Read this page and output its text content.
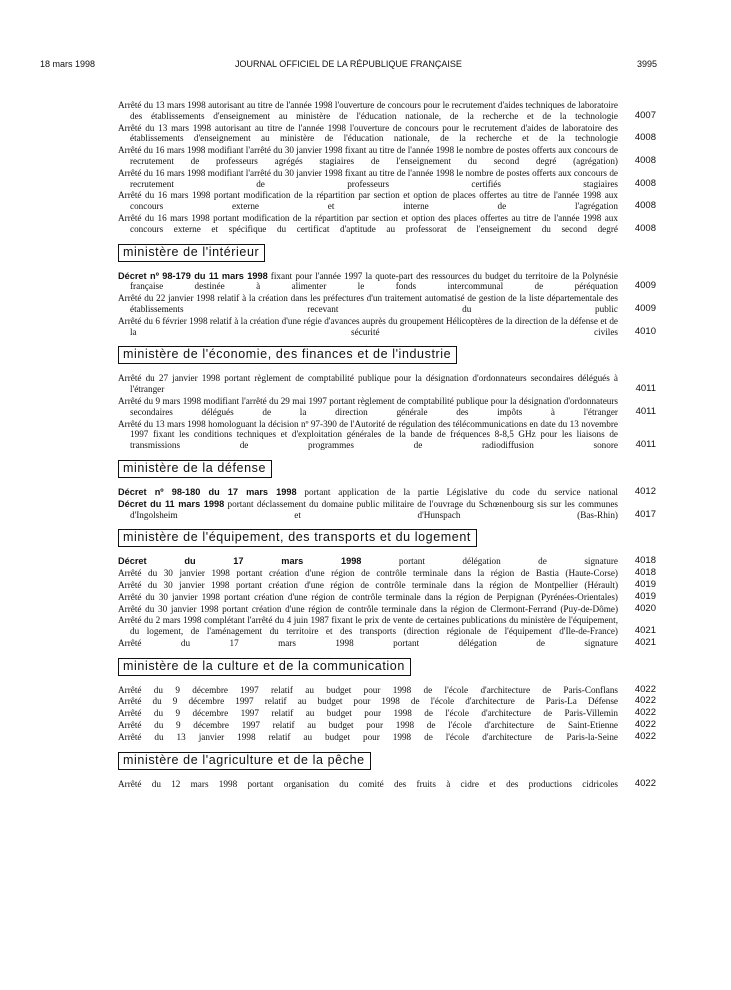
18 mars 1998	JOURNAL OFFICIEL DE LA RÉPUBLIQUE FRANÇAISE	3995
Arrêté du 13 mars 1998 autorisant au titre de l'année 1998 l'ouverture de concours pour le recrutement d'aides techniques de laboratoire des établissements d'enseignement au ministère de l'éducation nationale, de la recherche et de la technologie 4007
Arrêté du 13 mars 1998 autorisant au titre de l'année 1998 l'ouverture de concours pour le recrutement d'aides de laboratoire des établissements d'enseignement au ministère de l'éducation nationale, de la recherche et de la technologie 4008
Arrêté du 16 mars 1998 modifiant l'arrêté du 30 janvier 1998 fixant au titre de l'année 1998 le nombre de postes offerts aux concours de recrutement de professeurs agrégés stagiaires de l'enseignement du second degré (agrégation) 4008
Arrêté du 16 mars 1998 modifiant l'arrêté du 30 janvier 1998 fixant au titre de l'année 1998 le nombre de postes offerts aux concours de recrutement de professeurs certifiés stagiaires 4008
Arrêté du 16 mars 1998 portant modification de la répartition par section et option de places offertes au titre de l'année 1998 aux concours externe et interne de l'agrégation 4008
Arrêté du 16 mars 1998 portant modification de la répartition par section et option des places offertes au titre de l'année 1998 aux concours externe et spécifique du certificat d'aptitude au professorat de l'enseignement du second degré 4008
ministère de l'intérieur
Décret nº 98-179 du 11 mars 1998 fixant pour l'année 1997 la quote-part des ressources du budget du territoire de la Polynésie française destinée à alimenter le fonds intercommunal de péréquation 4009
Arrêté du 22 janvier 1998 relatif à la création dans les préfectures d'un traitement automatisé de gestion de la liste départementale des établissements recevant du public 4009
Arrêté du 6 février 1998 relatif à la création d'une régie d'avances auprès du groupement Hélicoptères de la direction de la défense et de la sécurité civiles 4010
ministère de l'économie, des finances et de l'industrie
Arrêté du 27 janvier 1998 portant règlement de comptabilité publique pour la désignation d'ordonnateurs secondaires délégués à l'étranger	4011
Arrêté du 9 mars 1998 modifiant l'arrêté du 29 mai 1997 portant règlement de comptabilité publique pour la désignation d'ordonnateurs secondaires délégués de la direction générale des impôts à l'étranger 4011
Arrêté du 13 mars 1998 homologuant la décision nº 97-390 de l'Autorité de régulation des télécommunications en date du 13 novembre 1997 fixant les conditions techniques et d'exploitation générales de la bande de fréquences 8-8,5 GHz pour les liaisons de transmissions de programmes de radiodiffusion sonore 4011
ministère de la défense
Décret nº 98-180 du 17 mars 1998 portant application de la partie Législative du code du service national 4012
Décret du 11 mars 1998 portant déclassement du domaine public militaire de l'ouvrage du Schœnenbourg sis sur les communes d'Ingolsheim et d'Hunspach (Bas-Rhin) 4017
ministère de l'équipement, des transports et du logement
Décret du 17 mars 1998 portant délégation de signature 4018
Arrêté du 30 janvier 1998 portant création d'une région de contrôle terminale dans la région de Bastia (Haute-Corse) 4018
Arrêté du 30 janvier 1998 portant création d'une région de contrôle terminale dans la région de Montpellier (Hérault) 4019
Arrêté du 30 janvier 1998 portant création d'une région de contrôle terminale dans la région de Perpignan (Pyrénées-Orientales) 4019
Arrêté du 30 janvier 1998 portant création d'une région de contrôle terminale dans la région de Clermont-Ferrand (Puy-de-Dôme) 4020
Arrêté du 2 mars 1998 complétant l'arrêté du 4 juin 1987 fixant le prix de vente de certaines publications du ministère de l'équipement, du logement, de l'aménagement du territoire et des transports (direction régionale de l'équipement d'Ile-de-France) 4021
Arrêté du 17 mars 1998 portant délégation de signature 4021
ministère de la culture et de la communication
Arrêté du 9 décembre 1997 relatif au budget pour 1998 de l'école d'architecture de Paris-Conflans 4022
Arrêté du 9 décembre 1997 relatif au budget pour 1998 de l'école d'architecture de Paris-La Défense 4022
Arrêté du 9 décembre 1997 relatif au budget pour 1998 de l'école d'architecture de Paris-Villemin 4022
Arrêté du 9 décembre 1997 relatif au budget pour 1998 de l'école d'architecture de Saint-Etienne 4022
Arrêté du 13 janvier 1998 relatif au budget pour 1998 de l'école d'architecture de Paris-la-Seine 4022
ministère de l'agriculture et de la pêche
Arrêté du 12 mars 1998 portant organisation du comité des fruits à cidre et des productions cidricoles 4022
